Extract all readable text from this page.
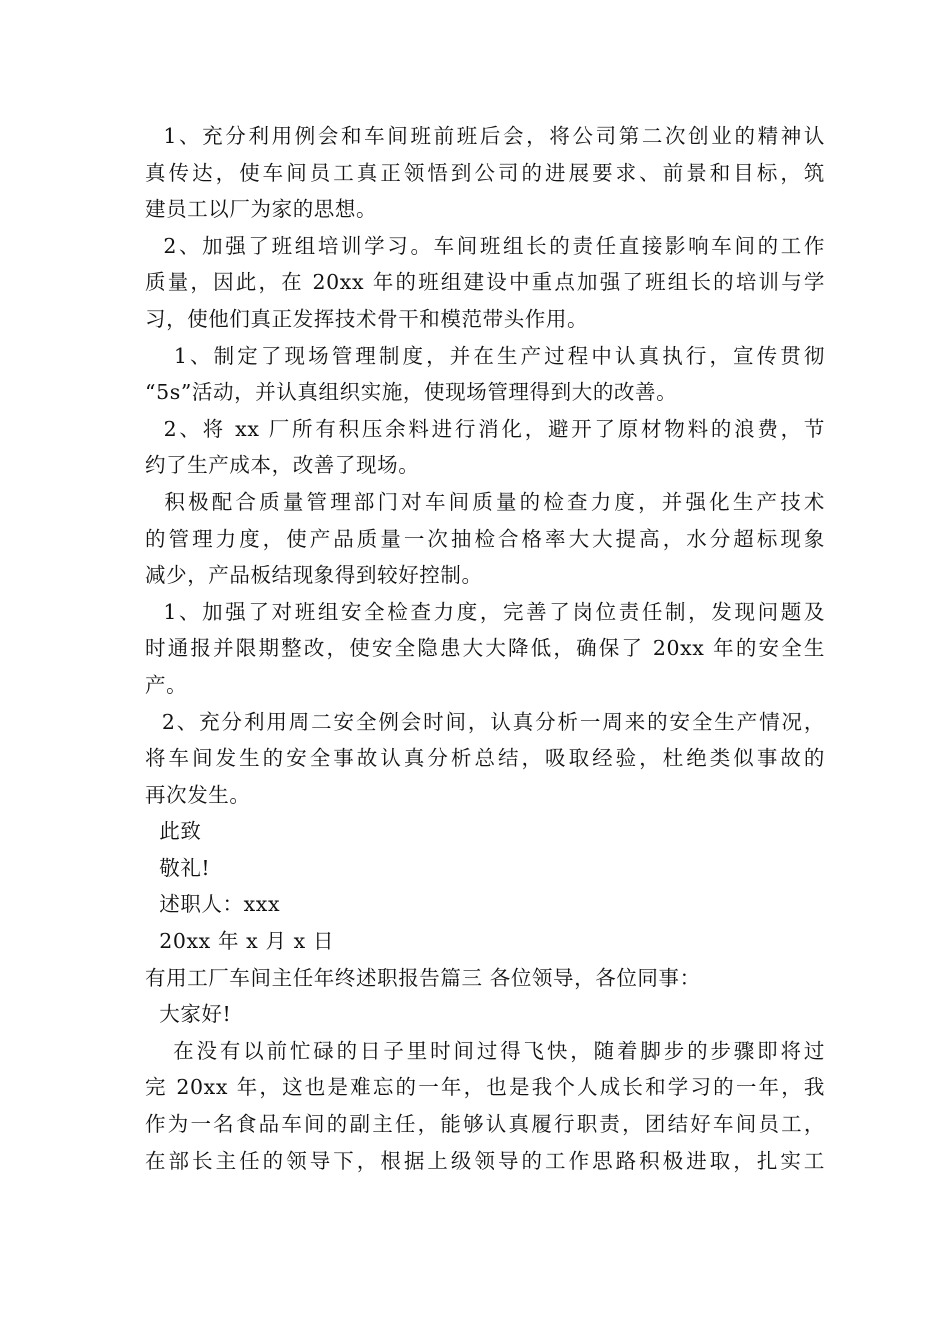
1、充分利用例会和车间班前班后会，将公司第二次创业的精神认
真传达，使车间员工真正领悟到公司的进展要求、前景和目标，筑
建员工以厂为家的思想。
2、加强了班组培训学习。车间班组长的责任直接影响车间的工作
质量，因此，在 20xx 年的班组建设中重点加强了班组长的培训与学
习，使他们真正发挥技术骨干和模范带头作用。
1、制定了现场管理制度，并在生产过程中认真执行，宣传贯彻
“5s”活动，并认真组织实施，使现场管理得到大的改善。
2、将 xx 厂所有积压余料进行消化，避开了原材物料的浪费，节
约了生产成本，改善了现场。
积极配合质量管理部门对车间质量的检查力度，并强化生产技术
的管理力度，使产品质量一次抽检合格率大大提高，水分超标现象
减少，产品板结现象得到较好控制。
1、加强了对班组安全检查力度，完善了岗位责任制，发现问题及
时通报并限期整改，使安全隐患大大降低，确保了 20xx 年的安全生
产。
2、充分利用周二安全例会时间，认真分析一周来的安全生产情况，
将车间发生的安全事故认真分析总结，吸取经验，杜绝类似事故的
再次发生。
此致
敬礼!
述职人：xxx
20xx 年 x 月 x 日
有用工厂车间主任年终述职报告篇三 各位领导，各位同事：
大家好!
在没有以前忙碌的日子里时间过得飞快，随着脚步的步骤即将过
完 20xx 年，这也是难忘的一年，也是我个人成长和学习的一年，我
作为一名食品车间的副主任，能够认真履行职责，团结好车间员工，
在部长主任的领导下，根据上级领导的工作思路积极进取，扎实工
